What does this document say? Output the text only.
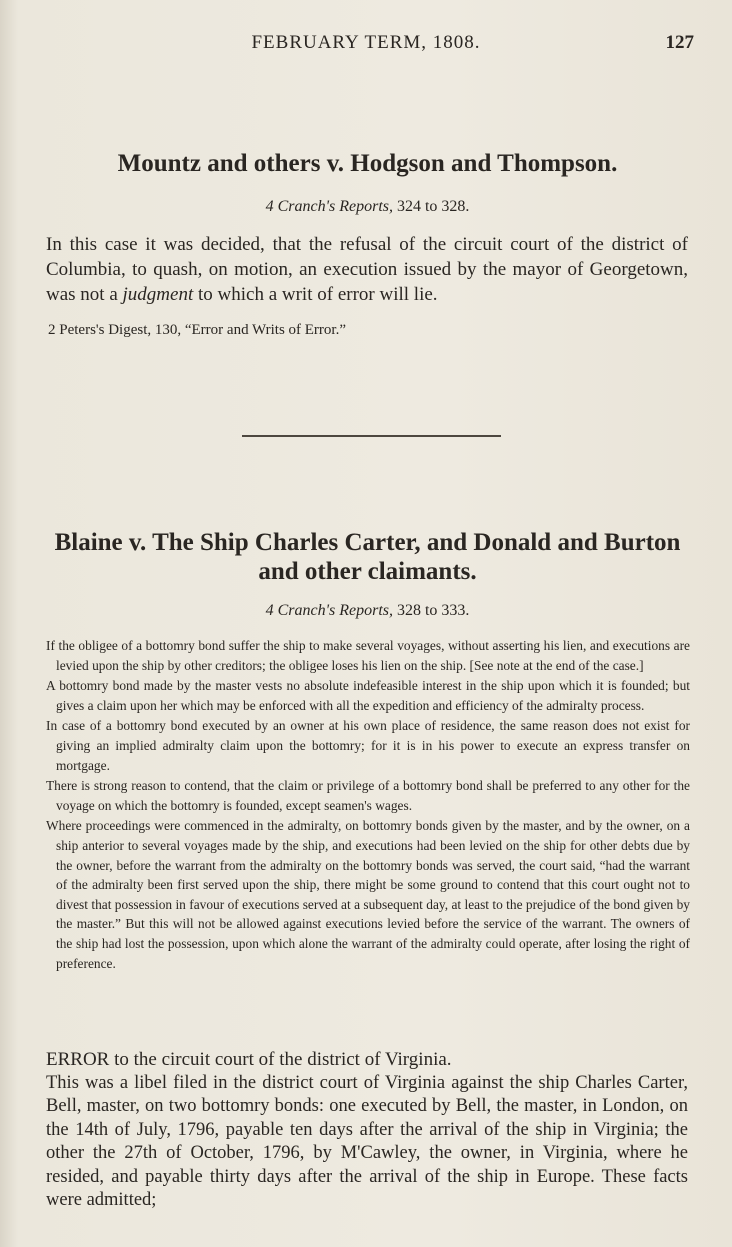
FEBRUARY TERM, 1808.	127
Mountz and others v. Hodgson and Thompson.
4 Cranch's Reports, 324 to 328.
In this case it was decided, that the refusal of the circuit court of the district of Columbia, to quash, on motion, an execution issued by the mayor of Georgetown, was not a judgment to which a writ of error will lie.
2 Peters's Digest, 130, “Error and Writs of Error.”
Blaine v. The Ship Charles Carter, and Donald and Burton
and other claimants.
4 Cranch's Reports, 328 to 333.

If the obligee of a bottomry bond suffer the ship to make several voyages, without asserting his lien, and executions are levied upon the ship by other creditors; the obligee loses his lien on the ship. [See note at the end of the case.]

A bottomry bond made by the master vests no absolute indefeasible interest in the ship upon which it is founded; but gives a claim upon her which may be enforced with all the expedition and efficiency of the admiralty process.

In case of a bottomry bond executed by an owner at his own place of residence, the same reason does not exist for giving an implied admiralty claim upon the bottomry; for it is in his power to execute an express transfer on mortgage.

There is strong reason to contend, that the claim or privilege of a bottomry bond shall be preferred to any other for the voyage on which the bottomry is founded, except seamen's wages.

Where proceedings were commenced in the admiralty, on bottomry bonds given by the master, and by the owner, on a ship anterior to several voyages made by the ship, and executions had been levied on the ship for other debts due by the owner, before the warrant from the admiralty on the bottomry bonds was served, the court said, “had the warrant of the admiralty been first served upon the ship, there might be some ground to contend that this court ought not to divest that possession in favour of executions served at a subsequent day, at least to the prejudice of the bond given by the master.” But this will not be allowed against executions levied before the service of the warrant. The owners of the ship had lost the possession, upon which alone the warrant of the admiralty could operate, after losing the right of preference.

ERROR to the circuit court of the district of Virginia.

This was a libel filed in the district court of Virginia against the ship Charles Carter, Bell, master, on two bottomry bonds: one executed by Bell, the master, in London, on the 14th of July, 1796, payable ten days after the arrival of the ship in Virginia; the other the 27th of October, 1796, by M'Cawley, the owner, in Virginia, where he resided, and payable thirty days after the arrival of the ship in Europe. These facts were admitted;
